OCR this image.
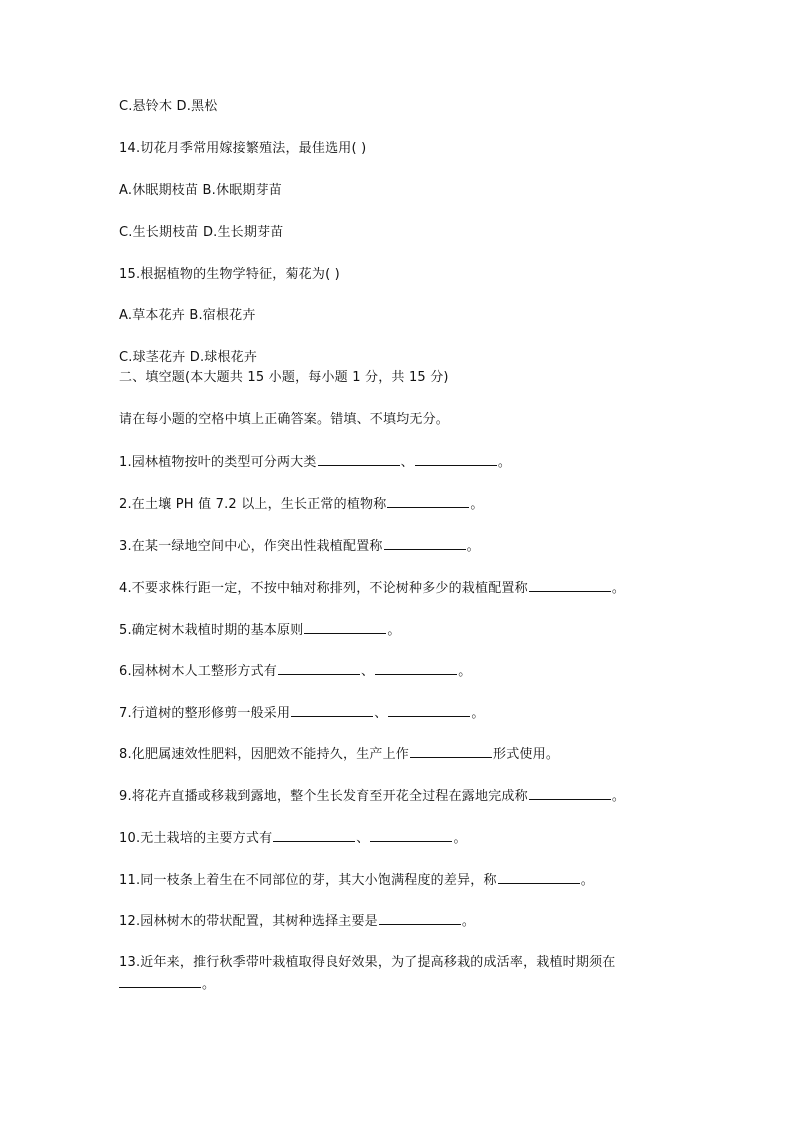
C.悬铃木 D.黑松
14.切花月季常用嫁接繁殖法，最佳选用( )
A.休眠期枝苗 B.休眠期芽苗
C.生长期枝苗 D.生长期芽苗
15.根据植物的生物学特征，菊花为( )
A.草本花卉 B.宿根花卉
C.球茎花卉 D.球根花卉
二、填空题(本大题共 15 小题，每小题 1 分，共 15 分)
请在每小题的空格中填上正确答案。错填、不填均无分。
1.园林植物按叶的类型可分两大类	、	。
2.在土壤 PH 值 7.2 以上，生长正常的植物称	。
3.在某一绿地空间中心，作突出性栽植配置称	。
4.不要求株行距一定，不按中轴对称排列，不论树种多少的栽植配置称	。
5.确定树木栽植时期的基本原则	。
6.园林树木人工整形方式有	、	。
7.行道树的整形修剪一般采用	、	。
8.化肥属速效性肥料，因肥效不能持久，生产上作	形式使用。
9.将花卉直播或移栽到露地，整个生长发育至开花全过程在露地完成称	。
10.无土栽培的主要方式有	、	。
11.同一枝条上着生在不同部位的芽，其大小饱满程度的差异，称	。
12.园林树木的带状配置，其树种选择主要是	。
13.近年来，推行秋季带叶栽植取得良好效果，为了提高移栽的成活率，栽植时期须在
。
